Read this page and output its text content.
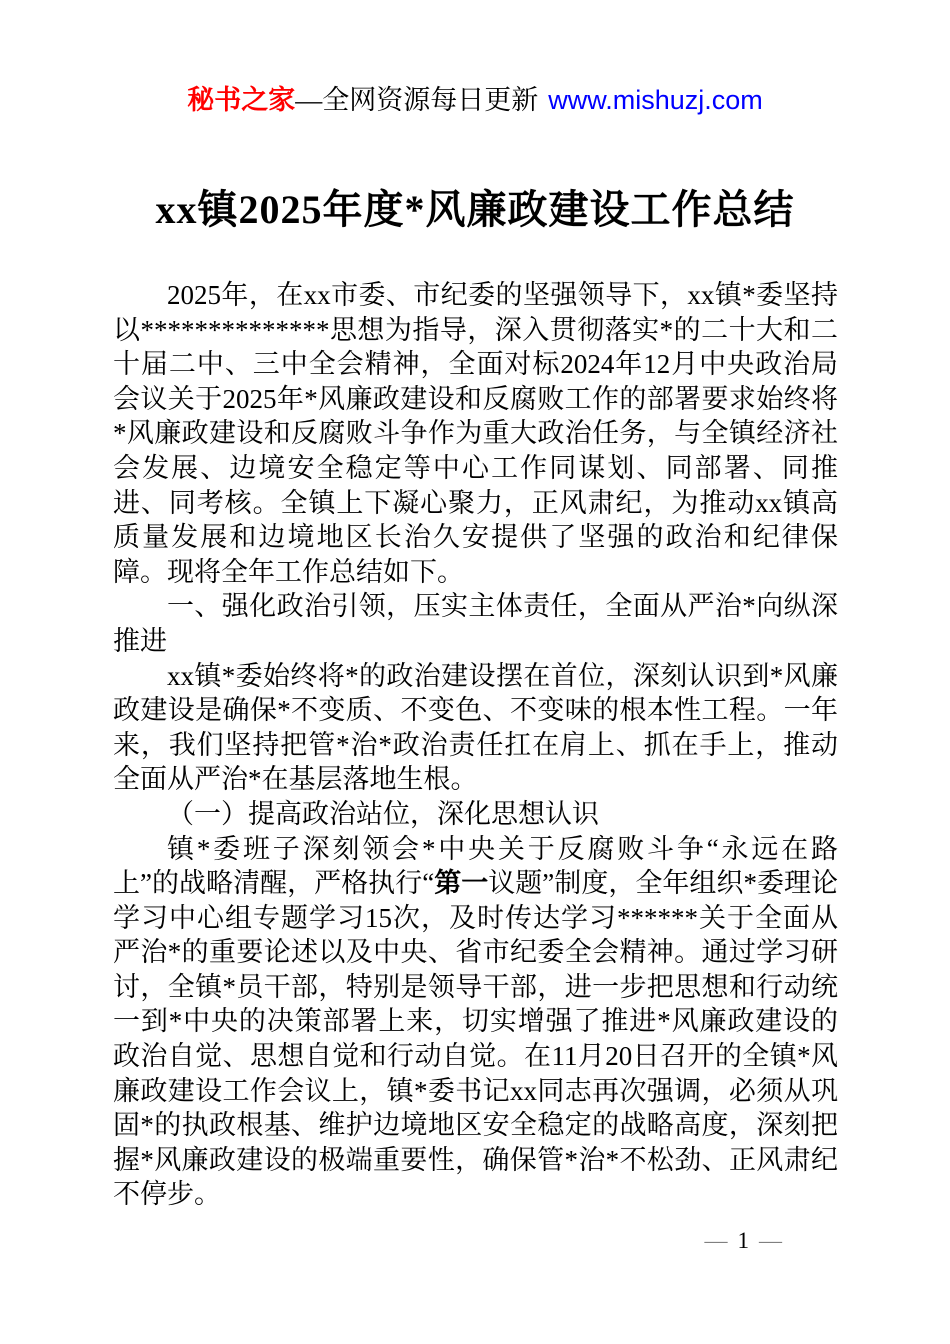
秘书之家—全网资源每日更新 www.mishuzj.com
xx镇2025年度*风廉政建设工作总结

2025年，在xx市委、市纪委的坚强领导下，xx镇*委坚持以**************思想为指导，深入贯彻落实*的二十大和二十届二中、三中全会精神，全面对标2024年12月中央政治局会议关于2025年*风廉政建设和反腐败工作的部署要求始终将*风廉政建设和反腐败斗争作为重大政治任务，与全镇经济社会发展、边境安全稳定等中心工作同谋划、同部署、同推进、同考核。全镇上下凝心聚力，正风肃纪，为推动xx镇高质量发展和边境地区长治久安提供了坚强的政治和纪律保障。现将全年工作总结如下。

一、强化政治引领，压实主体责任，全面从严治*向纵深推进

xx镇*委始终将*的政治建设摆在首位，深刻认识到*风廉政建设是确保*不变质、不变色、不变味的根本性工程。一年来，我们坚持把管*治*政治责任扛在肩上、抓在手上，推动全面从严治*在基层落地生根。

（一）提高政治站位，深化思想认识

镇*委班子深刻领会*中央关于反腐败斗争“永远在路上”的战略清醒，严格执行“第一议题”制度，全年组织*委理论学习中心组专题学习15次，及时传达学习******关于全面从严治*的重要论述以及中央、省市纪委全会精神。通过学习研讨，全镇*员干部，特别是领导干部，进一步把思想和行动统一到*中央的决策部署上来，切实增强了推进*风廉政建设的政治自觉、思想自觉和行动自觉。在11月20日召开的全镇*风廉政建设工作会议上，镇*委书记xx同志再次强调，必须从巩固*的执政根基、维护边境地区安全稳定的战略高度，深刻把握*风廉政建设的极端重要性，确保管*治*不松劲、正风肃纪不停步。

— 1 —
